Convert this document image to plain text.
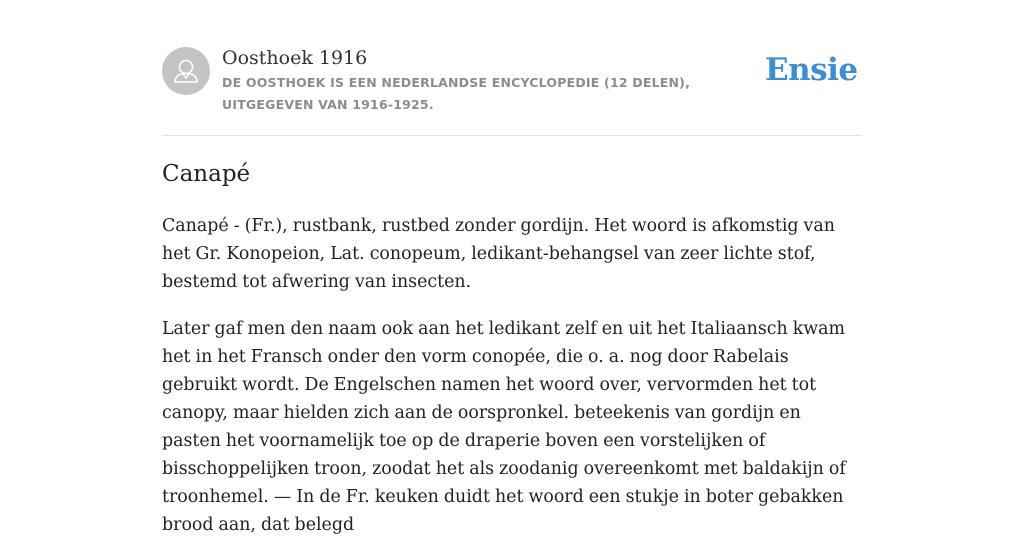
Oosthoek 1916
DE OOSTHOEK IS EEN NEDERLANDSE ENCYCLOPEDIE (12 DELEN), UITGEGEVEN VAN 1916-1925.
Ensie
Canapé

Canapé - (Fr.), rustbank, rustbed zonder gordijn. Het woord is afkomstig van het Gr. Konopeion, Lat. conopeum, ledikant-behangsel van zeer lichte stof, bestemd tot afwering van insecten.

Later gaf men den naam ook aan het ledikant zelf en uit het Italiaansch kwam het in het Fransch onder den vorm conopée, die o. a. nog door Rabelais gebruikt wordt. De Engelschen namen het woord over, vervormden het tot canopy, maar hielden zich aan de oorspronkel. beteekenis van gordijn en pasten het voornamelijk toe op de draperie boven een vorstelijken of bisschoppelijken troon, zoodat het als zoodanig overeenkomt met baldakijn of troonhemel. — In de Fr. keuken duidt het woord een stukje in boter gebakken brood aan, dat belegd
